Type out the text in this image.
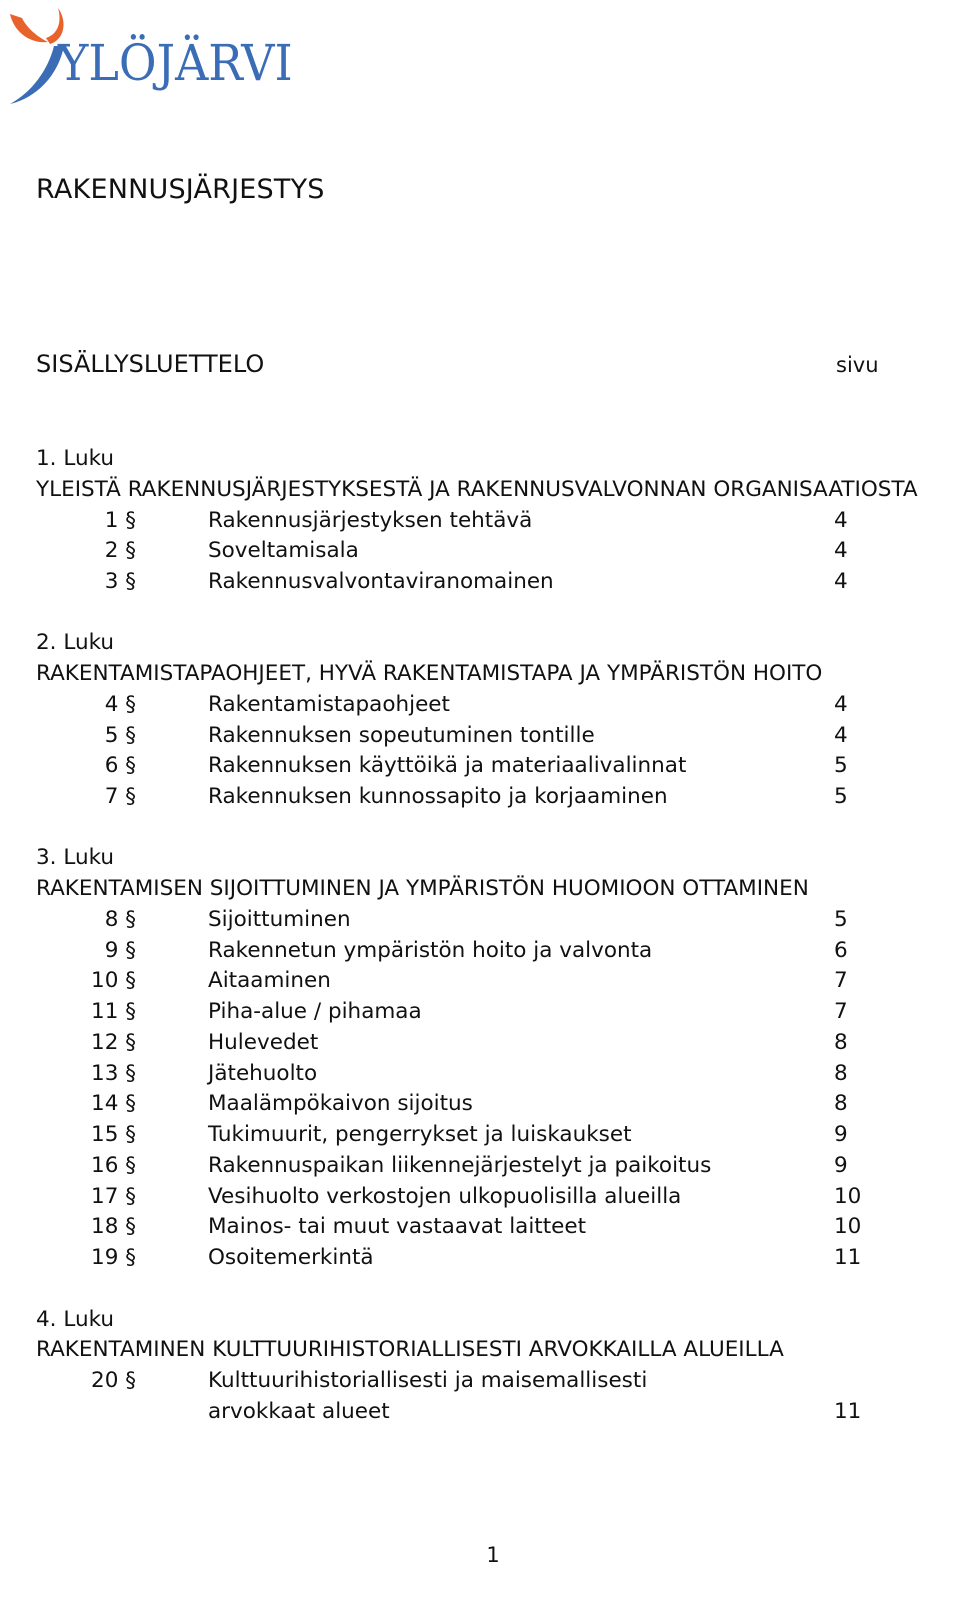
YLÖJÄRVI
RAKENNUSJÄRJESTYS
SISÄLLYSLUETTELO	sivu
1. Luku
YLEISTÄ RAKENNUSJÄRJESTYKSESTÄ JA RAKENNUSVALVONNAN ORGANISAATIOSTA
1 §	Rakennusjärjestyksen tehtävä	4
2 §	Soveltamisala	4
3 §	Rakennusvalvontaviranomainen	4
2. Luku
RAKENTAMISTAPAOHJEET, HYVÄ RAKENTAMISTAPA JA YMPÄRISTÖN HOITO
4 §	Rakentamistapaohjeet	4
5 §	Rakennuksen sopeutuminen tontille	4
6 §	Rakennuksen käyttöikä ja materiaalivalinnat	5
7 §	Rakennuksen kunnossapito ja korjaaminen	5
3. Luku
RAKENTAMISEN SIJOITTUMINEN JA YMPÄRISTÖN HUOMIOON OTTAMINEN
8 §	Sijoittuminen	5
9 §	Rakennetun ympäristön hoito ja valvonta	6
10 §	Aitaaminen	7
11 §	Piha-alue / pihamaa	7
12 §	Hulevedet	8
13 §	Jätehuolto	8
14 §	Maalämpökaivon sijoitus	8
15 §	Tukimuurit, pengerrykset ja luiskaukset	9
16 §	Rakennuspaikan liikennejärjestelyt ja paikoitus	9
17 §	Vesihuolto verkostojen ulkopuolisilla alueilla	10
18 §	Mainos- tai muut vastaavat laitteet	10
19 §	Osoitemerkintä	11
4. Luku
RAKENTAMINEN KULTTUURIHISTORIALLISESTI ARVOKKAILLA ALUEILLA
20 §	Kulttuurihistoriallisesti ja maisemallisesti
arvokkaat alueet	11
1
